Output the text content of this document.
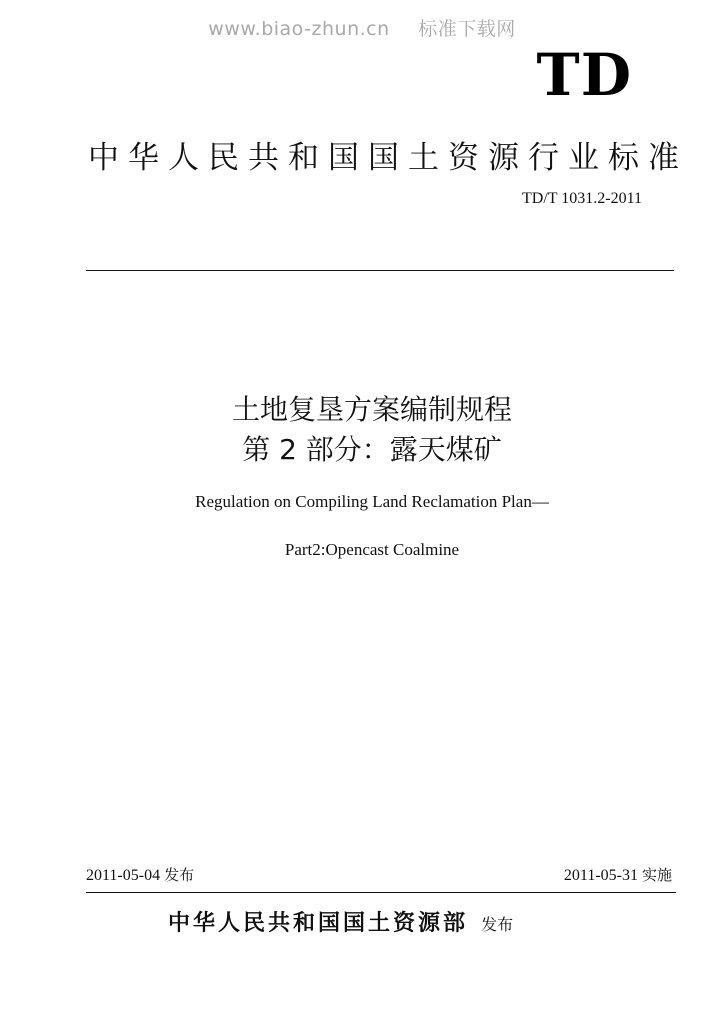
www.biao-zhun.cn 标准下载网
TD
中华人民共和国国土资源行业标准
TD/T 1031.2-2011
土地复垦方案编制规程
第 2 部分：露天煤矿
Regulation on Compiling Land Reclamation Plan—
Part2:Opencast Coalmine
2011-05-04 发布	2011-05-31 实施
中华人民共和国国土资源部 发布
